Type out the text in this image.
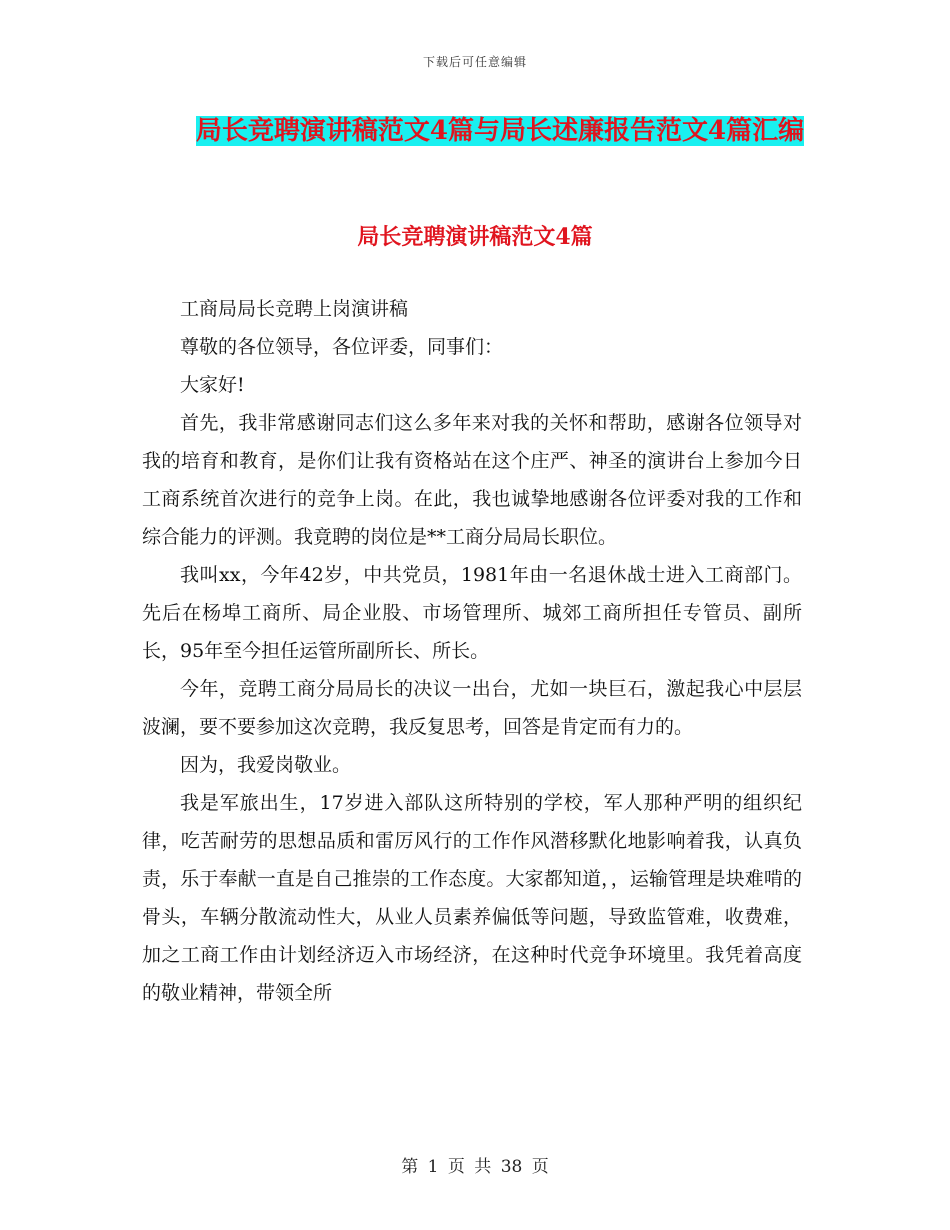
下载后可任意编辑
局长竞聘演讲稿范文4篇与局长述廉报告范文4篇汇编
局长竞聘演讲稿范文4篇

工商局局长竞聘上岗演讲稿

尊敬的各位领导，各位评委，同事们：

大家好!

首先，我非常感谢同志们这么多年来对我的关怀和帮助，感谢各位领导对我的培育和教育，是你们让我有资格站在这个庄严、神圣的演讲台上参加今日工商系统首次进行的竞争上岗。在此，我也诚挚地感谢各位评委对我的工作和综合能力的评测。我竟聘的岗位是**工商分局局长职位。

我叫xx，今年42岁，中共党员，1981年由一名退休战士进入工商部门。先后在杨埠工商所、局企业股、市场管理所、城郊工商所担任专管员、副所长，95年至今担任运管所副所长、所长。

今年，竞聘工商分局局长的决议一出台，尤如一块巨石，激起我心中层层波澜，要不要参加这次竞聘，我反复思考，回答是肯定而有力的。

因为，我爱岗敬业。

我是军旅出生，17岁进入部队这所特别的学校，军人那种严明的组织纪律，吃苦耐劳的思想品质和雷厉风行的工作作风潜移默化地影响着我，认真负责，乐于奉献一直是自己推崇的工作态度。大家都知道，，运输管理是块难啃的骨头，车辆分散流动性大，从业人员素养偏低等问题，导致监管难，收费难，加之工商工作由计划经济迈入市场经济，在这种时代竞争环境里。我凭着高度的敬业精神，带领全所

第 1 页 共 38 页
